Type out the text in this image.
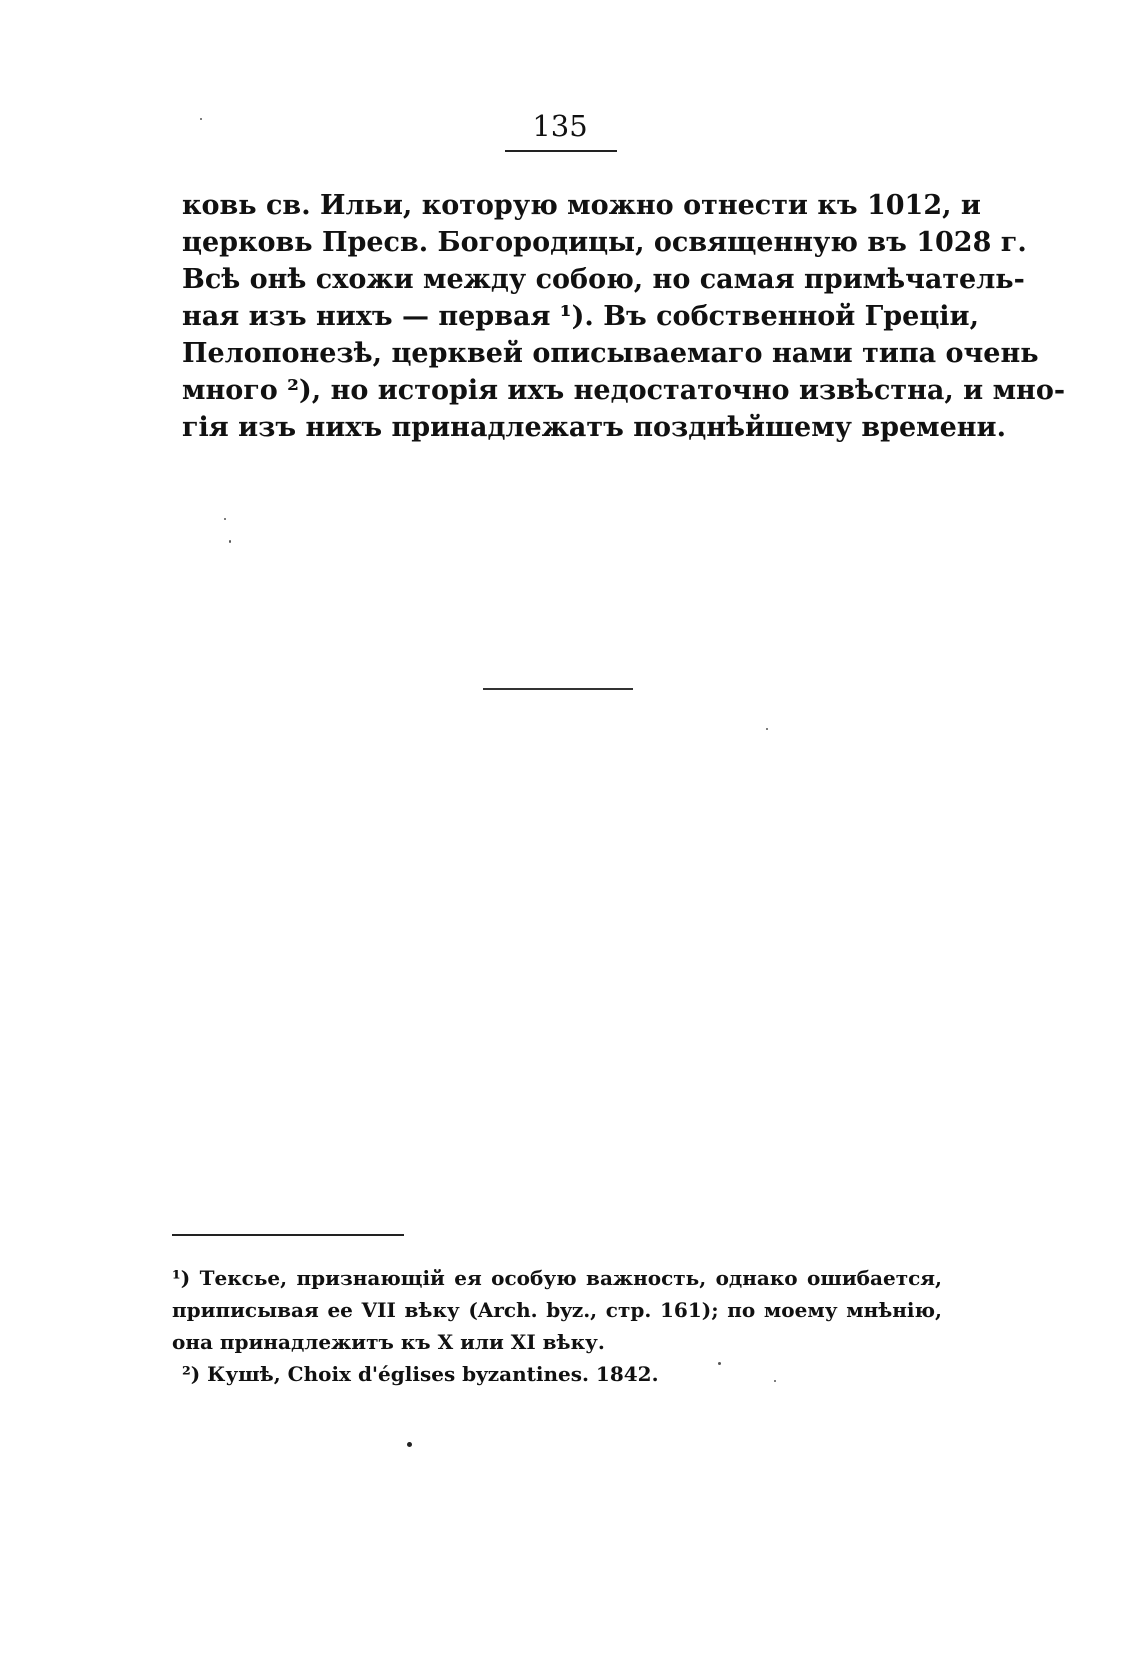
135
ковь св. Ильи, которую можно отнести къ 1012, и
церковь Пресв. Богородицы, освященную въ 1028 г.
Всѣ онѣ схожи между собою, но самая примѣчатель-
ная изъ нихъ — первая ¹). Въ собственной Греціи,
Пелопонезѣ, церквей описываемаго нами типа очень
много ²), но исторія ихъ недостаточно извѣстна, и мно-
гія изъ нихъ принадлежатъ позднѣйшему времени.
¹) Тексье, признающій ея особую важность, однако ошибается,
приписывая ее VII вѣку (Arch. byz., стр. 161); по моему мнѣнію,
она принадлежитъ къ X или XI вѣку.
²) Кушѣ, Choix d'églises byzantines. 1842.
